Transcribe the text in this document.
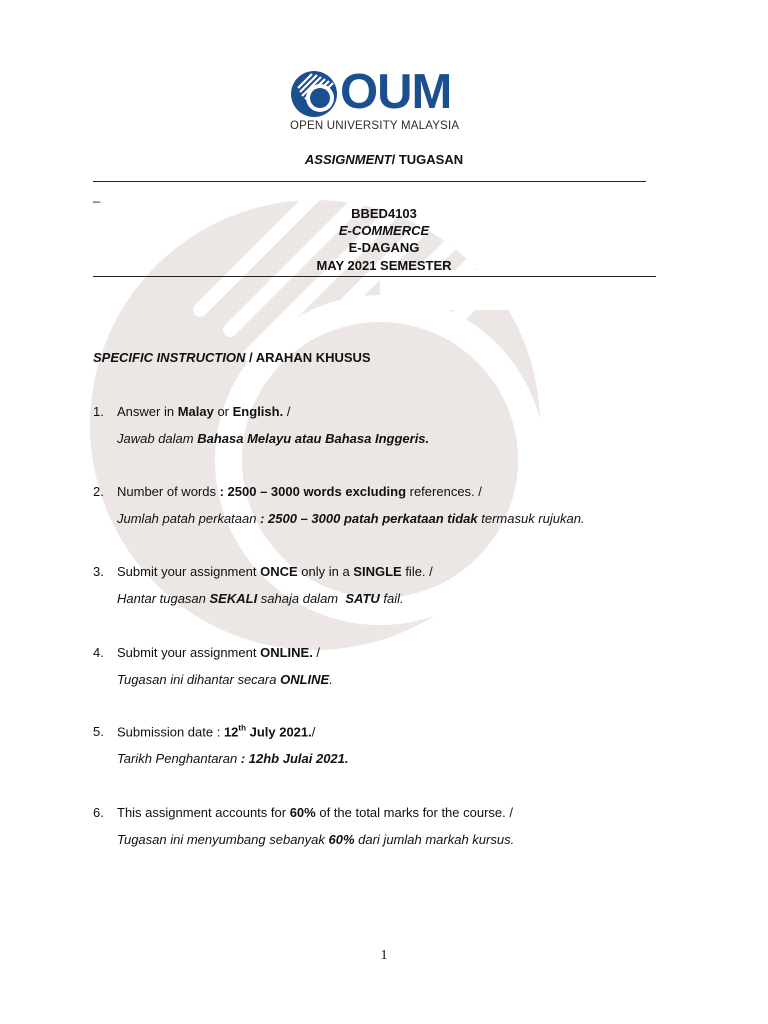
OUM
OPEN UNIVERSITY MALAYSIA
ASSIGNMENT/ TUGASAN
_
BBED4103
E-COMMERCE
E-DAGANG
MAY 2021 SEMESTER
SPECIFIC INSTRUCTION / ARAHAN KHUSUS
1. Answer in Malay or English. /
Jawab dalam Bahasa Melayu atau Bahasa Inggeris.
2. Number of words : 2500 – 3000 words excluding references. /
Jumlah patah perkataan : 2500 – 3000 patah perkataan tidak termasuk rujukan.
3. Submit your assignment ONCE only in a SINGLE file. /
Hantar tugasan SEKALI sahaja dalam  SATU fail.
4. Submit your assignment ONLINE. /
Tugasan ini dihantar secara ONLINE.
5. Submission date : 12th July 2021./
Tarikh Penghantaran : 12hb Julai 2021.
6. This assignment accounts for 60% of the total marks for the course. /
Tugasan ini menyumbang sebanyak 60% dari jumlah markah kursus.
1
